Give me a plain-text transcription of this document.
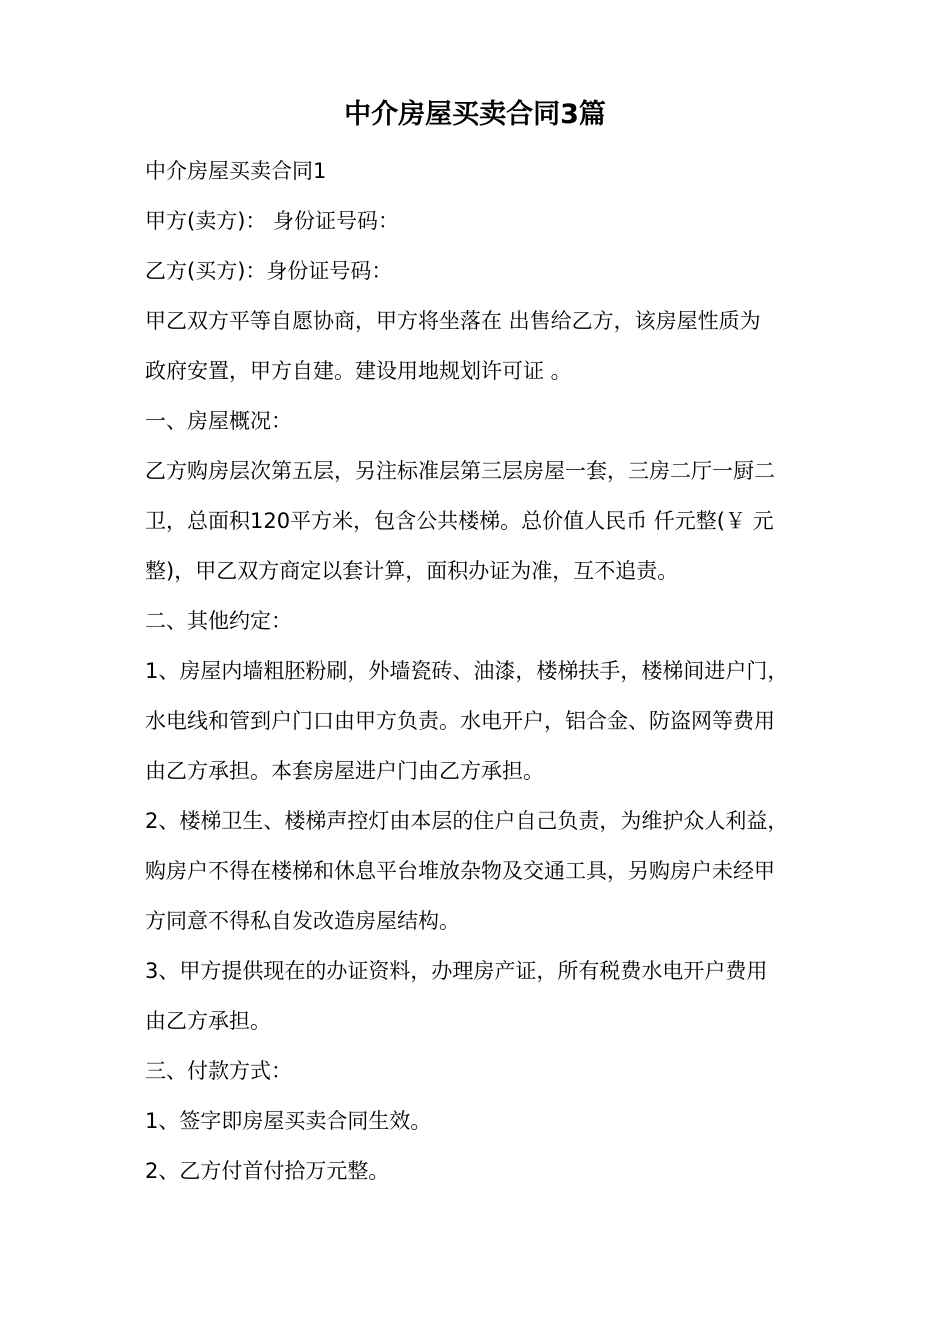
中介房屋买卖合同3篇
中介房屋买卖合同1
甲方(卖方)： 身份证号码：
乙方(买方)：身份证号码：
甲乙双方平等自愿协商，甲方将坐落在 出售给乙方，该房屋性质为
政府安置，甲方自建。建设用地规划许可证 。
一、房屋概况：
乙方购房层次第五层，另注标准层第三层房屋一套，三房二厅一厨二
卫，总面积120平方米，包含公共楼梯。总价值人民币 仟元整(￥ 元
整)，甲乙双方商定以套计算，面积办证为准，互不追责。
二、其他约定：
1、房屋内墙粗胚粉刷，外墙瓷砖、油漆，楼梯扶手，楼梯间进户门，
水电线和管到户门口由甲方负责。水电开户，铝合金、防盗网等费用
由乙方承担。本套房屋进户门由乙方承担。
2、楼梯卫生、楼梯声控灯由本层的住户自己负责，为维护众人利益，
购房户不得在楼梯和休息平台堆放杂物及交通工具，另购房户未经甲
方同意不得私自发改造房屋结构。
3、甲方提供现在的办证资料，办理房产证，所有税费水电开户费用
由乙方承担。
三、付款方式：
1、签字即房屋买卖合同生效。
2、乙方付首付拾万元整。
